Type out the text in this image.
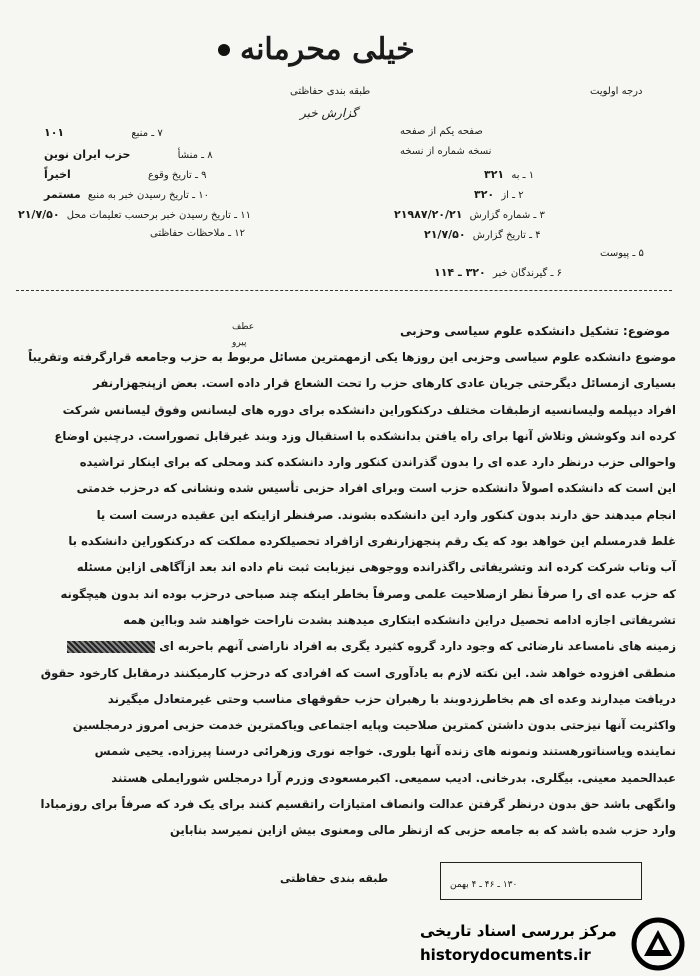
خیلی محرمانه
طبقه بندی حفاظتی	درجه اولویت
گزارش خبر
۷ ـ منبع ۱۰۱
۸ ـ منشأ حزب ایران نوین
۹ ـ تاریخ وقوع اخیراً
۱۰ ـ تاریخ رسیدن خبر به منبع مستمر
۱۱ ـ تاریخ رسیدن خبر برحسب تعلیمات محل ۲۱/۷/۵۰
۱۲ ـ ملاحظات حفاظتی
صفحه یکم از صفحه
نسخه شماره از نسخه
۱ ـ به ۳۲۱
۲ ـ از ۳۲۰
۳ ـ شماره گزارش ۲۱۹۸۷/۲۰/۲۱
۴ ـ تاریخ گزارش ۲۱/۷/۵۰
۵ ـ پیوست
۶ ـ گیرندگان خبر ۳۲۰ ـ ۱۱۴
عطف
پیرو
موضوع: تشکیل دانشکده علوم سیاسی وحزبی

موضوع دانشکده علوم سیاسی وحزبی این روزها یکی ازمهمترین مسائل مربوط به حزب وجامعه قرارگرفته وتقریباً

بسیاری ازمسائل دیگرحتی جریان عادی کارهای حزب را تحت الشعاع قرار داده است. بعض ازپنجهزارنفر

افراد دیپلمه ولیسانسیه ازطبقات مختلف درکنکوراین دانشکده برای دوره های لیسانس وفوق لیسانس شرکت

کرده اند وکوشش وتلاش آنها برای راه یافتن بدانشکده با استقبال وزد وبند غیرقابل تصوراست. درچنین اوضاع

واحوالی حزب درنظر دارد عده ای را بدون گذراندن کنکور وارد دانشکده کند ومحلی که برای اینکار تراشیده

این است که دانشکده اصولاً دانشکده حزب است وبرای افراد حزبی تأسیس شده ونشانی که درحزب خدمتی

انجام میدهند حق دارند بدون کنکور وارد این دانشکده بشوند. صرفنظر ازاینکه این عقیده درست است یا

غلط قدرمسلم این خواهد بود که یک رقم پنجهزارنفری ازافراد تحصیلکرده مملکت که درکنکوراین دانشکده با

آب وتاب شرکت کرده اند وتشریفاتی راگذرانده ووجوهی نیزبابت ثبت نام داده اند بعد ازآگاهی ازاین مسئله

که حزب عده ای را صرفاً نظر ازصلاحیت علمی وصرفاً بخاطر اینکه چند صباحی درحزب بوده اند بدون هیچگونه

تشریفاتی اجازه ادامه تحصیل دراین دانشکده ابتکاری میدهند بشدت ناراحت خواهند شد وبااین همه

زمینه های نامساعد نارضائی که وجود دارد گروه کثیرد یگری به افراد ناراضی آنهم باحربه ای

منطقی افزوده خواهد شد. این نکته لازم به یادآوری است که افرادی که درحزب کارمیکنند درمقابل کارخود حقوق

دریافت میدارند وعده ای هم بخاطرزدوبند با رهبران حزب حقوقهای مناسب وحتی غیرمتعادل میگیرند

واکثریت آنها نیزحتی بدون داشتن کمترین صلاحیت وپایه اجتماعی ویاکمترین خدمت حزبی امروز درمجلسین

نماینده ویاسناتورهستند ونمونه های زنده آنها بلوری. خواجه نوری وزهرائی درسنا پیرزاده. یحیی شمس

عبدالحمید معینی. بیگلری. بدرخانی. ادیب سمیعی. اکبرمسعودی وزرم آرا درمجلس شورایملی هستند

وانگهی باشد حق بدون درنظر گرفتن عدالت وانصاف امتیازات راتقسیم کنند برای یک فرد که صرفاً برای روزمبادا

وارد حزب شده باشد که به جامعه حزبی که ازنظر مالی ومعنوی بیش ازاین نمیرسد بناباین

۱۳۰ ـ ۴۶ ـ ۴ بهمن
طبقه بندی حفاظتی
مرکز بررسی اسناد تاریخی
historydocuments.ir
